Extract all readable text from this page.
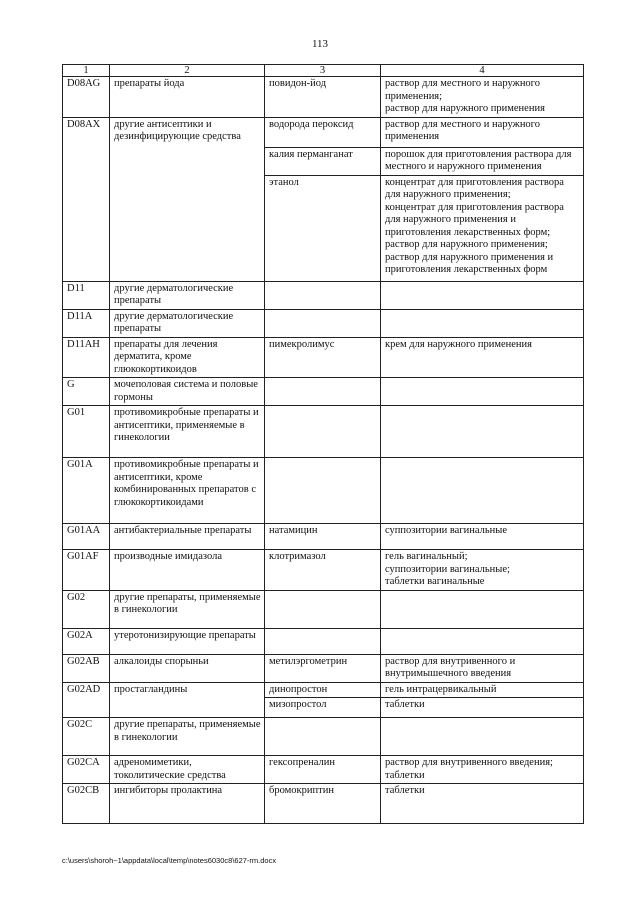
113
1	2	3	4
D08AG	препараты йода	повидон-йод	раствор для местного и наружного применения;
раствор для наружного применения
D08AX	другие антисептики и дезинфицирующие средства	водорода пероксид	раствор для местного и наружного применения
		калия перманганат	порошок для приготовления раствора для местного и наружного применения
		этанол	концентрат для приготовления раствора для наружного применения;
концентрат для приготовления раствора для наружного применения и приготовления лекарственных форм;
раствор для наружного применения;
раствор для наружного применения и приготовления лекарственных форм
D11	другие дерматологические препараты		
D11A	другие дерматологические препараты		
D11AH	препараты для лечения дерматита, кроме глюкокортикоидов	пимекролимус	крем для наружного применения
G	мочеполовая система и половые гормоны		
G01	противомикробные препараты и антисептики, применяемые в гинекологии		
G01A	противомикробные препараты и антисептики, кроме комбинированных препаратов с глюкокортикоидами		
G01AA	антибактериальные препараты	натамицин	суппозитории вагинальные
G01AF	производные имидазола	клотримазол	гель вагинальный;
суппозитории вагинальные;
таблетки вагинальные
G02	другие препараты, применяемые в гинекологии		
G02A	утеротонизирующие препараты		
G02AB	алкалоиды спорыньи	метилэргометрин	раствор для внутривенного и внутримышечного введения
G02AD	простагландины	динопростон	гель интрацервикальный
		мизопростол	таблетки
G02C	другие препараты, применяемые в гинекологии		
G02CA	адреномиметики, токолитические средства	гексопреналин	раствор для внутривенного введения;
таблетки
G02CB	ингибиторы пролактина	бромокриптин	таблетки
c:\users\shoroh~1\appdata\local\temp\notes6030c8\627-rm.docx
